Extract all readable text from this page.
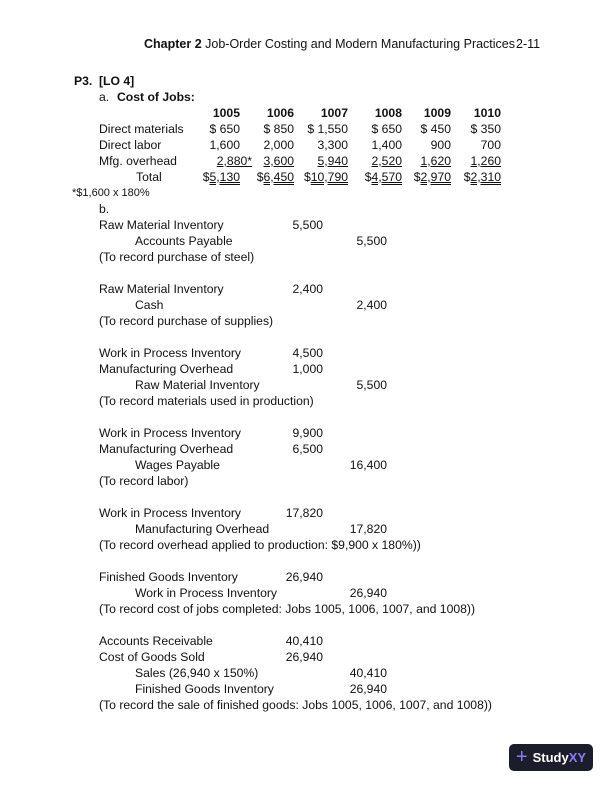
Chapter 2 Job-Order Costing and Modern Manufacturing Practices 2-11
P3. [LO 4]
a. Cost of Jobs:
1005	1006	1007	1008	1009	1010
Direct materials	$ 650	$ 850	$ 1,550	$ 650	$ 450	$ 350
Direct labor	1,600	2,000	3,300	1,400	900	700
Mfg. overhead	2,880* 3,600	5,940	2,520	1,620	1,260
Total	$5,130	$6,450 $10,790	$4,570 $2,970	$2,310
*$1,600 x 180%
b.
Raw Material Inventory	5,500
Accounts Payable	5,500
(To record purchase of steel)
Raw Material Inventory	2,400
Cash	2,400
(To record purchase of supplies)
Work in Process Inventory	4,500
Manufacturing Overhead	1,000
Raw Material Inventory	5,500
(To record materials used in production)
Work in Process Inventory	9,900
Manufacturing Overhead	6,500
Wages Payable	16,400
(To record labor)
Work in Process Inventory	17,820
Manufacturing Overhead	17,820
(To record overhead applied to production: $9,900 x 180%))
Finished Goods Inventory	26,940
Work in Process Inventory	26,940
(To record cost of jobs completed: Jobs 1005, 1006, 1007, and 1008))
Accounts Receivable	40,410
Cost of Goods Sold	26,940
Sales (26,940 x 150%)	40,410
Finished Goods Inventory	26,940
(To record the sale of finished goods: Jobs 1005, 1006, 1007, and 1008))
+ StudyXY
